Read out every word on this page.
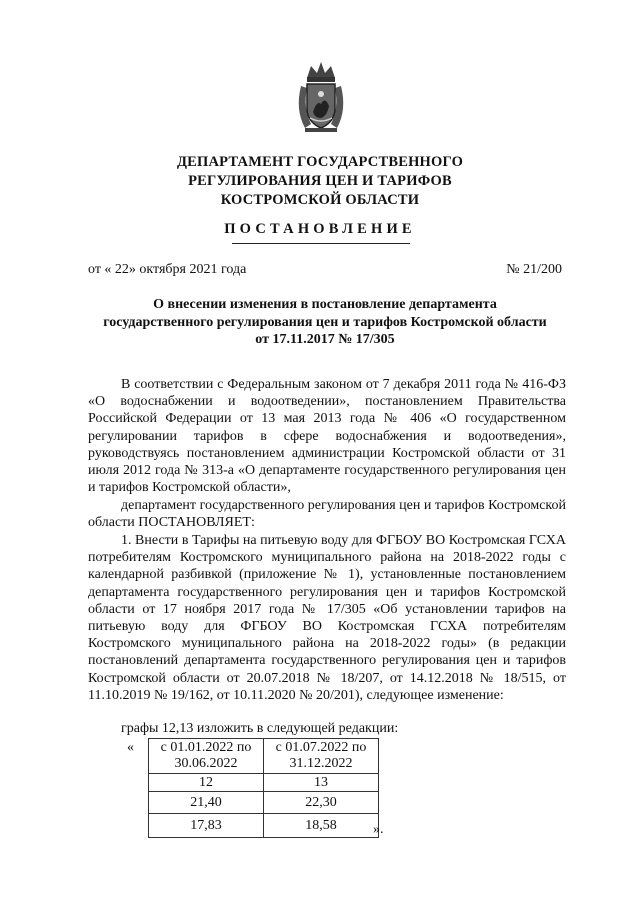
ДЕПАРТАМЕНТ ГОСУДАРСТВЕННОГО
РЕГУЛИРОВАНИЯ ЦЕН И ТАРИФОВ
КОСТРОМСКОЙ ОБЛАСТИ
ПОСТАНОВЛЕНИЕ
от « 22» октября 2021 года	№ 21/200
О внесении изменения в постановление департамента
государственного регулирования цен и тарифов Костромской области
от 17.11.2017 № 17/305

В соответствии с Федеральным законом от 7 декабря 2011 года № 416-ФЗ «О водоснабжении и водоотведении», постановлением Правительства Российской Федерации от 13 мая 2013 года № 406 «О государственном регулировании тарифов в сфере водоснабжения и водоотведения», руководствуясь постановлением администрации Костромской области от 31 июля 2012 года № 313-а «О департаменте государственного регулирования цен и тарифов Костромской области»,

департамент государственного регулирования цен и тарифов Костромской области ПОСТАНОВЛЯЕТ:

1. Внести в Тарифы на питьевую воду для ФГБОУ ВО Костромская ГСХА потребителям Костромского муниципального района на 2018-2022 годы с календарной разбивкой (приложение № 1), установленные постановлением департамента государственного регулирования цен и тарифов Костромской области от 17 ноября 2017 года № 17/305 «Об установлении тарифов на питьевую воду для ФГБОУ ВО Костромская ГСХА потребителям Костромского муниципального района на 2018-2022 годы» (в редакции постановлений департамента государственного регулирования цен и тарифов Костромской области от 20.07.2018 № 18/207, от 14.12.2018 № 18/515, от 11.10.2019 № 19/162, от 10.11.2020 № 20/201), следующее изменение:

графы 12,13 изложить в следующей редакции:
« с 01.01.2022 по 30.06.2022	с 01.07.2022 по 31.12.2022
12	13
21,40	22,30
17,83	18,58	».
